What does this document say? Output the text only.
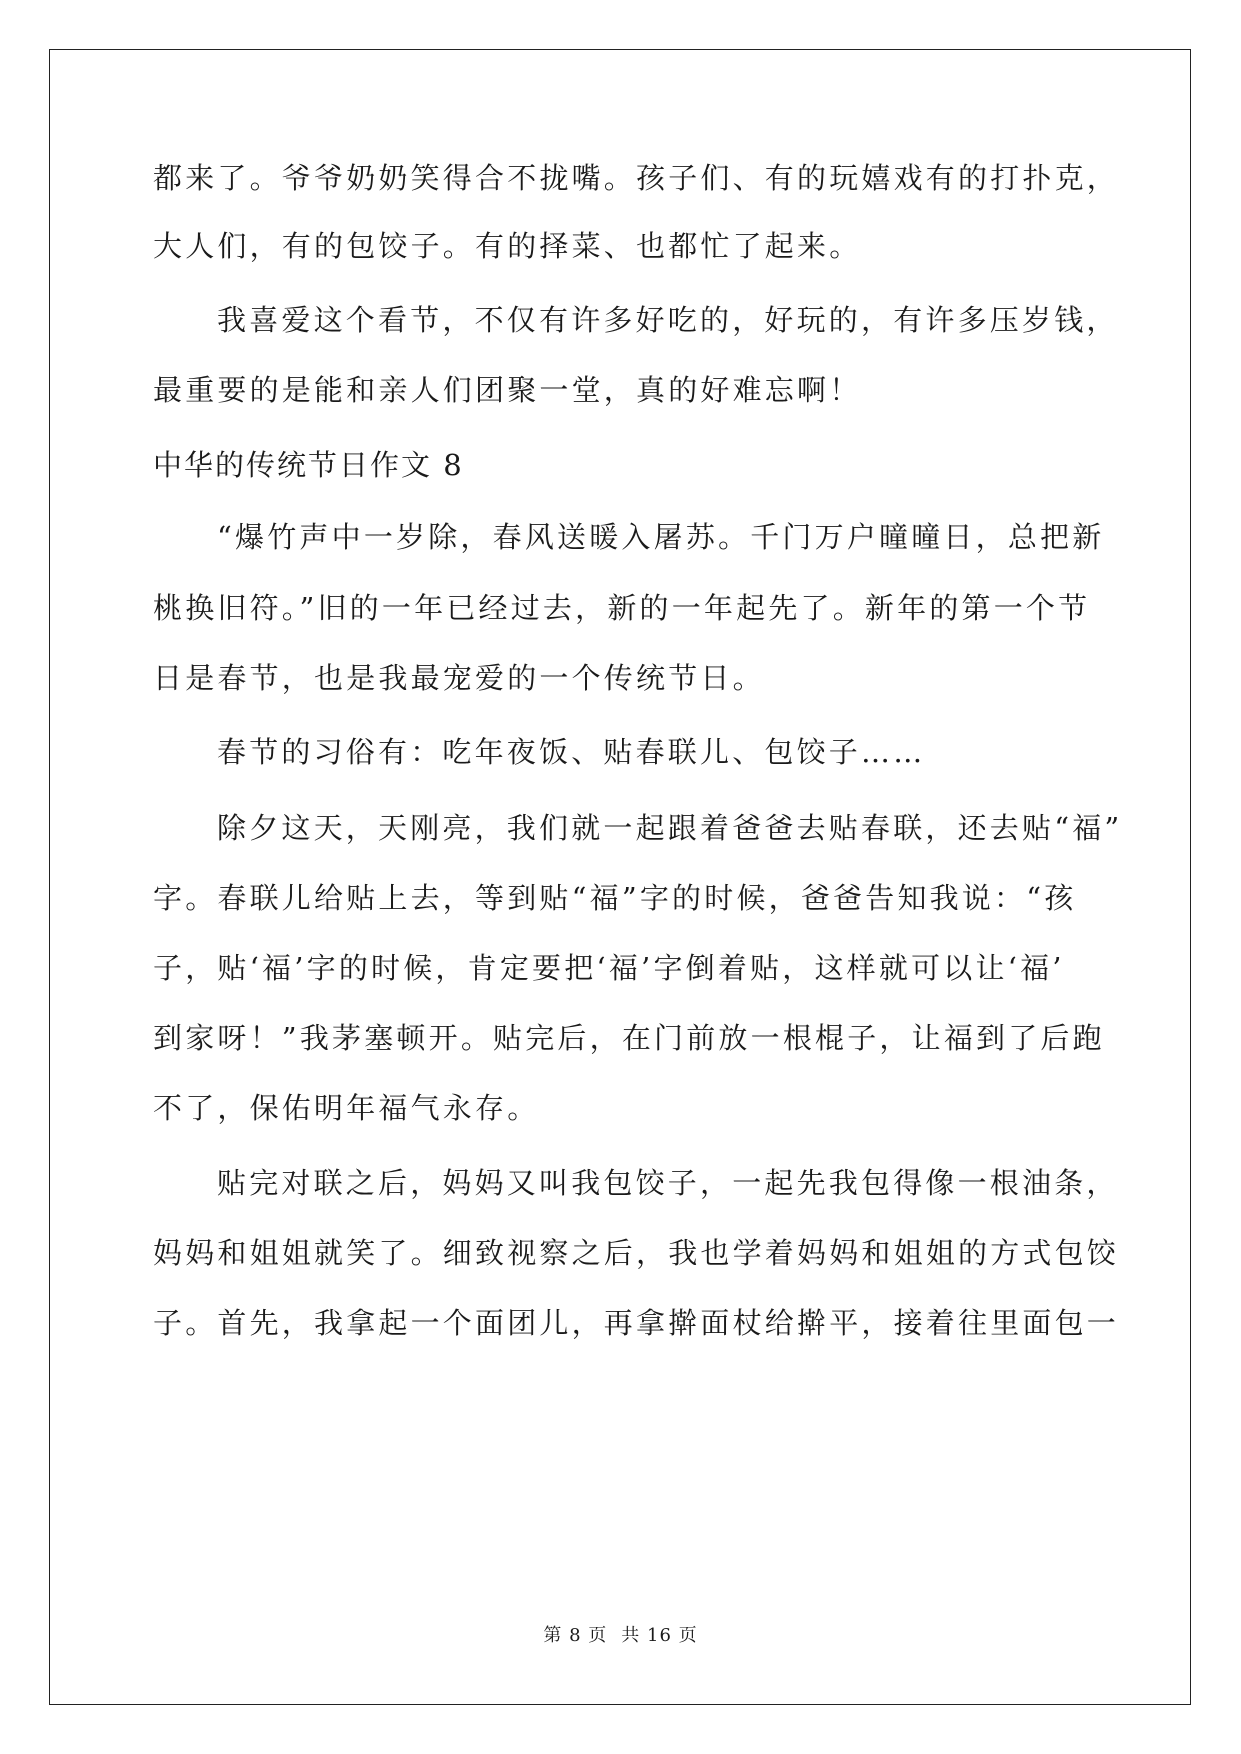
都来了。爷爷奶奶笑得合不拢嘴。孩子们、有的玩嬉戏有的打扑克，
大人们，有的包饺子。有的择菜、也都忙了起来。
我喜爱这个看节，不仅有许多好吃的，好玩的，有许多压岁钱，
最重要的是能和亲人们团聚一堂，真的好难忘啊！
中华的传统节日作文 8
“爆竹声中一岁除，春风送暖入屠苏。千门万户曈曈日，总把新
桃换旧符。”旧的一年已经过去，新的一年起先了。新年的第一个节
日是春节，也是我最宠爱的一个传统节日。
春节的习俗有：吃年夜饭、贴春联儿、包饺子……
除夕这天，天刚亮，我们就一起跟着爸爸去贴春联，还去贴“福”
字。春联儿给贴上去，等到贴“福”字的时候，爸爸告知我说：“孩
子，贴‘福’字的时候，肯定要把‘福’字倒着贴，这样就可以让‘福’
到家呀！”我茅塞顿开。贴完后，在门前放一根棍子，让福到了后跑
不了，保佑明年福气永存。
贴完对联之后，妈妈又叫我包饺子，一起先我包得像一根油条，
妈妈和姐姐就笑了。细致视察之后，我也学着妈妈和姐姐的方式包饺
子。首先，我拿起一个面团儿，再拿擀面杖给擀平，接着往里面包一
第 8 页 共 16 页
